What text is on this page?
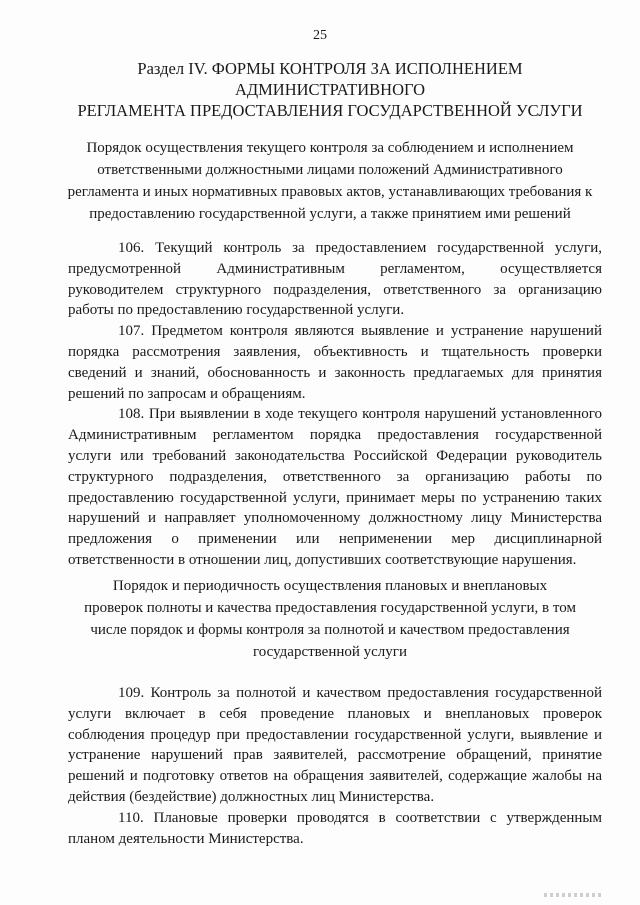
25
Раздел IV. ФОРМЫ КОНТРОЛЯ ЗА ИСПОЛНЕНИЕМ
АДМИНИСТРАТИВНОГО
РЕГЛАМЕНТА ПРЕДОСТАВЛЕНИЯ ГОСУДАРСТВЕННОЙ УСЛУГИ
Порядок осуществления текущего контроля за соблюдением и исполнением
ответственными должностными лицами положений Административного
регламента и иных нормативных правовых актов, устанавливающих требования к
предоставлению государственной услуги, а также принятием ими решений
106. Текущий контроль за предоставлением государственной услуги,
предусмотренной Административным регламентом, осуществляется
руководителем структурного подразделения, ответственного за организацию
работы по предоставлению государственной услуги.
107. Предметом контроля являются выявление и устранение нарушений
порядка рассмотрения заявления, объективность и тщательность проверки
сведений и знаний, обоснованность и законность предлагаемых для принятия
решений по запросам и обращениям.
108. При выявлении в ходе текущего контроля нарушений установленного
Административным регламентом порядка предоставления государственной
услуги или требований законодательства Российской Федерации руководитель
структурного подразделения, ответственного за организацию работы по
предоставлению государственной услуги, принимает меры по устранению таких
нарушений и направляет уполномоченному должностному лицу Министерства
предложения о применении или неприменении мер дисциплинарной
ответственности в отношении лиц, допустивших соответствующие нарушения.
Порядок и периодичность осуществления плановых и внеплановых
проверок полноты и качества предоставления государственной услуги, в том
числе порядок и формы контроля за полнотой и качеством предоставления
государственной услуги
109. Контроль за полнотой и качеством предоставления государственной
услуги включает в себя проведение плановых и внеплановых проверок
соблюдения процедур при предоставлении государственной услуги, выявление и
устранение нарушений прав заявителей, рассмотрение обращений, принятие
решений и подготовку ответов на обращения заявителей, содержащие жалобы на
действия (бездействие) должностных лиц Министерства.
110. Плановые проверки проводятся в соответствии с утвержденным
планом деятельности Министерства.
